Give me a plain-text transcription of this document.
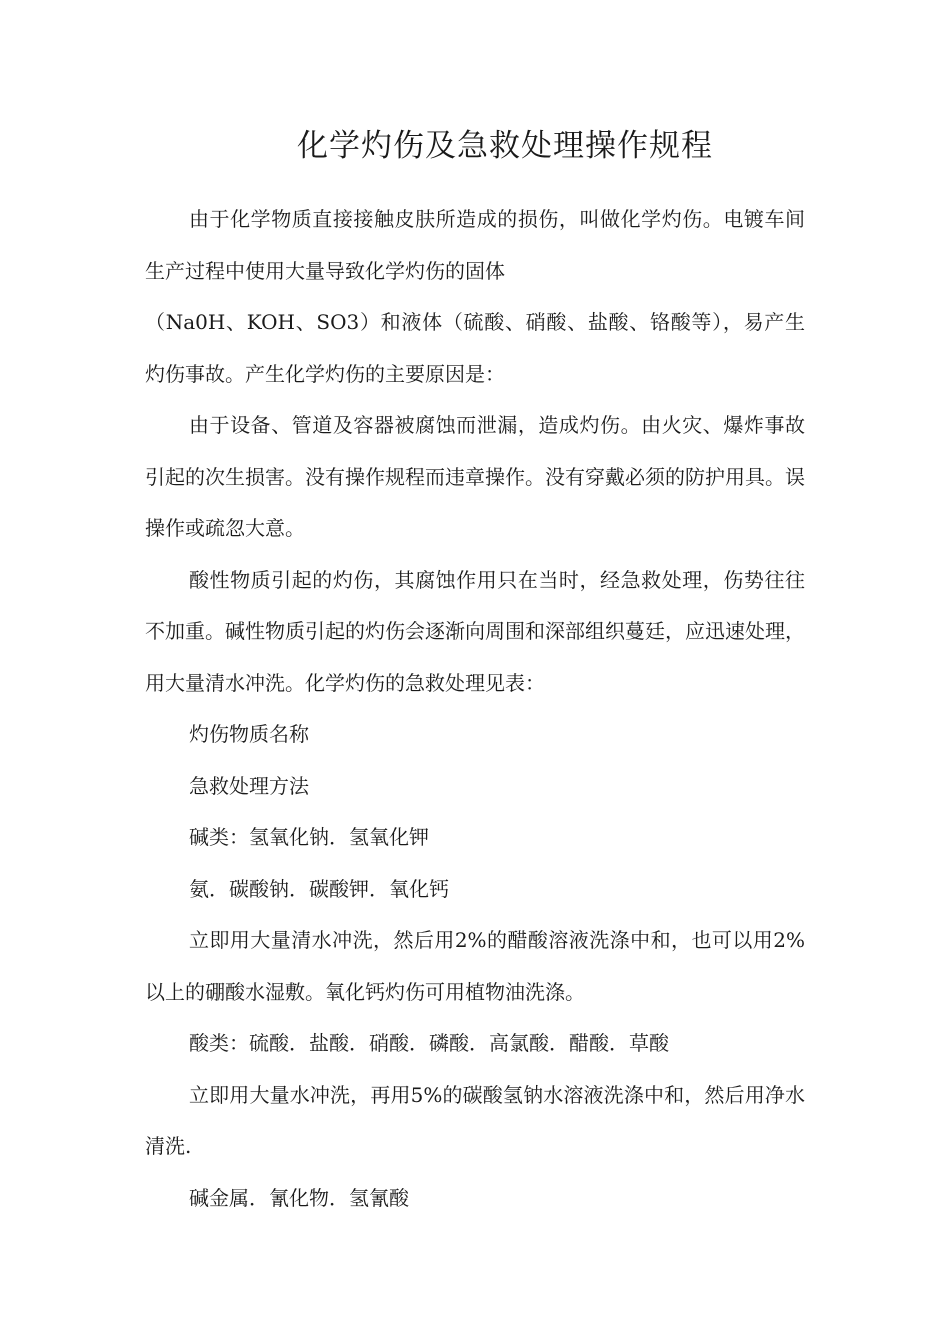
化学灼伤及急救处理操作规程

由于化学物质直接接触皮肤所造成的损伤，叫做化学灼伤。电镀车间生产过程中使用大量导致化学灼伤的固体

（Na0H、KOH、SO3）和液体（硫酸、硝酸、盐酸、铬酸等），易产生灼伤事故。产生化学灼伤的主要原因是：

由于设备、管道及容器被腐蚀而泄漏，造成灼伤。由火灾、爆炸事故引起的次生损害。没有操作规程而违章操作。没有穿戴必须的防护用具。误操作或疏忽大意。

酸性物质引起的灼伤，其腐蚀作用只在当时，经急救处理，伤势往往不加重。碱性物质引起的灼伤会逐渐向周围和深部组织蔓廷，应迅速处理，用大量清水冲洗。化学灼伤的急救处理见表：

灼伤物质名称

急救处理方法

碱类：氢氧化钠．氢氧化钾

氨．碳酸钠．碳酸钾．氧化钙

立即用大量清水冲洗，然后用2%的醋酸溶液洗涤中和，也可以用2%以上的硼酸水湿敷。氧化钙灼伤可用植物油洗涤。

酸类：硫酸．盐酸．硝酸．磷酸．高氯酸．醋酸．草酸

立即用大量水冲洗，再用5%的碳酸氢钠水溶液洗涤中和，然后用净水清洗.

碱金属．氰化物．氢氰酸
